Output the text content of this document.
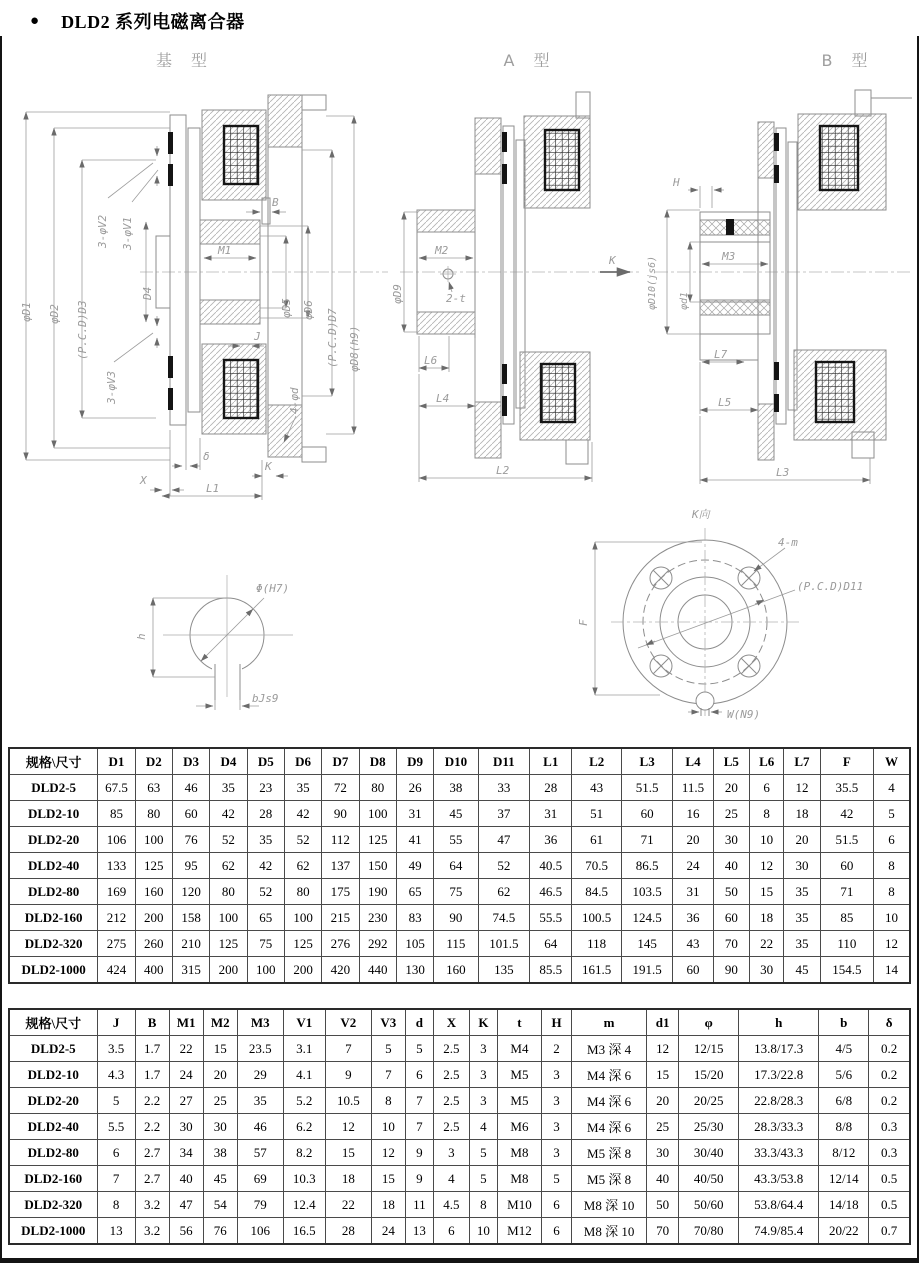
● DLD2 系列电磁离合器
基 型
φD1 φD2 (P.C.D)D3
D4
3-φV2 3-φV1
3-φV3
B
M1
J
φD5 φD6 (P.C.D)D7 φD8(h9)
4-φd
X
δ
L1
K
A 型
φD9
M2
2-t
L6
L4
L2
K
B 型
H
φD10(js6) φd1
M3
L7
L5
L3
Φ(H7)
h
bJs9
K向
4-m
(P.C.D)D11
F
W(N9)
规格\尺寸	D1	D2	D3	D4	D5	D6	D7	D8	D9	D10	D11	L1	L2	L3	L4	L5	L6	L7	F	W
DLD2-5	67.5	63	46	35	23	35	72	80	26	38	33	28	43	51.5	11.5	20	6	12	35.5	4
DLD2-10	85	80	60	42	28	42	90	100	31	45	37	31	51	60	16	25	8	18	42	5
DLD2-20	106	100	76	52	35	52	112	125	41	55	47	36	61	71	20	30	10	20	51.5	6
DLD2-40	133	125	95	62	42	62	137	150	49	64	52	40.5	70.5	86.5	24	40	12	30	60	8
DLD2-80	169	160	120	80	52	80	175	190	65	75	62	46.5	84.5	103.5	31	50	15	35	71	8
DLD2-160	212	200	158	100	65	100	215	230	83	90	74.5	55.5	100.5	124.5	36	60	18	35	85	10
DLD2-320	275	260	210	125	75	125	276	292	105	115	101.5	64	118	145	43	70	22	35	110	12
DLD2-1000	424	400	315	200	100	200	420	440	130	160	135	85.5	161.5	191.5	60	90	30	45	154.5	14
规格\尺寸	J	B	M1	M2	M3	V1	V2	V3	d	X	K	t	H	m	d1	φ	h	b	δ
DLD2-5	3.5	1.7	22	15	23.5	3.1	7	5	5	2.5	3	M4	2	M3 深 4	12	12/15	13.8/17.3	4/5	0.2
DLD2-10	4.3	1.7	24	20	29	4.1	9	7	6	2.5	3	M5	3	M4 深 6	15	15/20	17.3/22.8	5/6	0.2
DLD2-20	5	2.2	27	25	35	5.2	10.5	8	7	2.5	3	M5	3	M4 深 6	20	20/25	22.8/28.3	6/8	0.2
DLD2-40	5.5	2.2	30	30	46	6.2	12	10	7	2.5	4	M6	3	M4 深 6	25	25/30	28.3/33.3	8/8	0.3
DLD2-80	6	2.7	34	38	57	8.2	15	12	9	3	5	M8	3	M5 深 8	30	30/40	33.3/43.3	8/12	0.3
DLD2-160	7	2.7	40	45	69	10.3	18	15	9	4	5	M8	5	M5 深 8	40	40/50	43.3/53.8	12/14	0.5
DLD2-320	8	3.2	47	54	79	12.4	22	18	11	4.5	8	M10	6	M8 深 10	50	50/60	53.8/64.4	14/18	0.5
DLD2-1000	13	3.2	56	76	106	16.5	28	24	13	6	10	M12	6	M8 深 10	70	70/80	74.9/85.4	20/22	0.7
